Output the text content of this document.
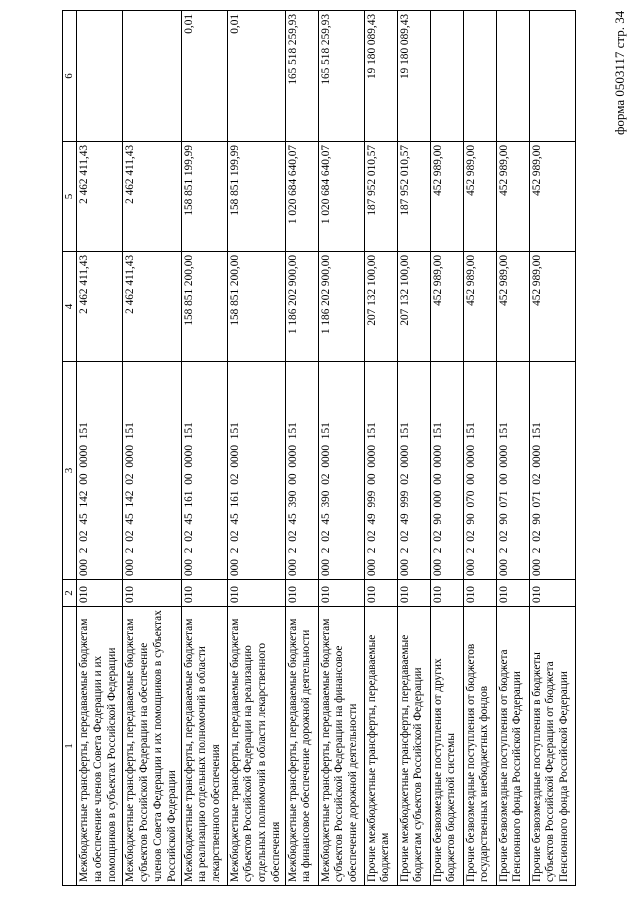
форма 0503117 стр. 34
1	2	3	4	5	6
Межбюджетные трансферты, передаваемые бюджетам на обеспечение членов Совета Федерации и их помощников в субъектах Российской Федерации	010	000 2 02 45 142 00 0000 151	2 462 411,43	2 462 411,43	
Межбюджетные трансферты, передаваемые бюджетам субъектов Российской Федерации на обеспечение членов Совета Федерации и их помощников в субъектах Российской Федерации	010	000 2 02 45 142 02 0000 151	2 462 411,43	2 462 411,43	
Межбюджетные трансферты, передаваемые бюджетам на реализацию отдельных полномочий в области лекарственного обеспечения	010	000 2 02 45 161 00 0000 151	158 851 200,00	158 851 199,99	0,01
Межбюджетные трансферты, передаваемые бюджетам субъектов Российской Федерации на реализацию отдельных полномочий в области лекарственного обеспечения	010	000 2 02 45 161 02 0000 151	158 851 200,00	158 851 199,99	0,01
Межбюджетные трансферты, передаваемые бюджетам на финансовое обеспечение дорожной деятельности	010	000 2 02 45 390 00 0000 151	1 186 202 900,00	1 020 684 640,07	165 518 259,93
Межбюджетные трансферты, передаваемые бюджетам субъектов Российской Федерации на финансовое обеспечение дорожной деятельности	010	000 2 02 45 390 02 0000 151	1 186 202 900,00	1 020 684 640,07	165 518 259,93
Прочие межбюджетные трансферты, передаваемые бюджетам	010	000 2 02 49 999 00 0000 151	207 132 100,00	187 952 010,57	19 180 089,43
Прочие межбюджетные трансферты, передаваемые бюджетам субъектов Российской Федерации	010	000 2 02 49 999 02 0000 151	207 132 100,00	187 952 010,57	19 180 089,43
Прочие безвозмездные поступления от других бюджетов бюджетной системы	010	000 2 02 90 000 00 0000 151	452 989,00	452 989,00	
Прочие безвозмездные поступления от бюджетов государственных внебюджетных фондов	010	000 2 02 90 070 00 0000 151	452 989,00	452 989,00	
Прочие безвозмездные поступления от бюджета Пенсионного фонда Российской Федерации	010	000 2 02 90 071 00 0000 151	452 989,00	452 989,00	
Прочие безвозмездные поступления в бюджеты субъектов Российской Федерации от бюджета Пенсионного фонда Российской Федерации	010	000 2 02 90 071 02 0000 151	452 989,00	452 989,00	
